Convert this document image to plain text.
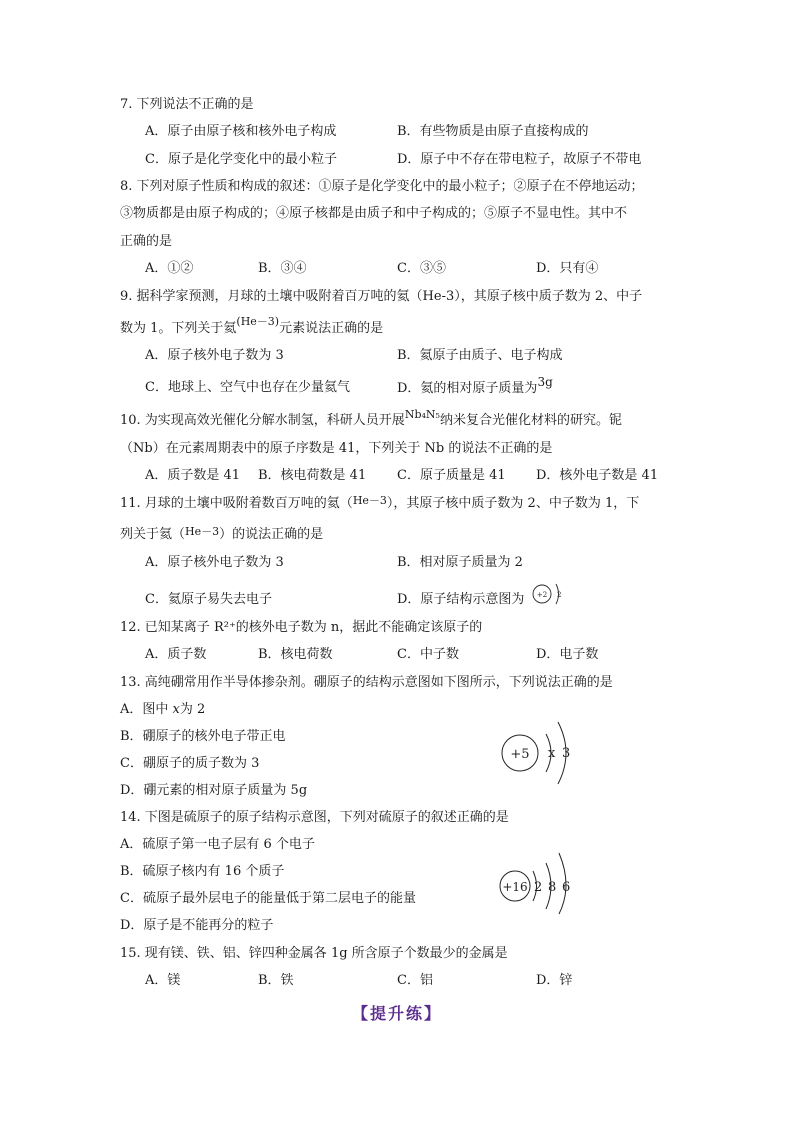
7. 下列说法不正确的是
A．原子由原子核和核外电子构成	B．有些物质是由原子直接构成的
C．原子是化学变化中的最小粒子	D．原子中不存在带电粒子，故原子不带电
8. 下列对原子性质和构成的叙述：①原子是化学变化中的最小粒子；②原子在不停地运动；
③物质都是由原子构成的；④原子核都是由质子和中子构成的；⑤原子不显电性。其中不
正确的是
A．①②	B．③④	C．③⑤	D．只有④
9. 据科学家预测，月球的土壤中吸附着百万吨的氦（He-3），其原子核中质子数为 2、中子
数为 1。下列关于氦$^{(He-3)}$元素说法正确的是
A．原子核外电子数为 3	B．氦原子由质子、电子构成
C．地球上、空气中也存在少量氦气	D．氦的相对原子质量为3g
10. 为实现高效光催化分解水制氢，科研人员开展$^{Nb_4N_5}$纳米复合光催化材料的研究。铌
（Nb）在元素周期表中的原子序数是 41，下列关于 Nb 的说法不正确的是
A．质子数是 41 B．核电荷数是 41 C．原子质量是 41 D．核外电子数是 41
11. 月球的土壤中吸附着数百万吨的氦（$^{He-3}$），其原子核中质子数为 2、中子数为 1，下
列关于氦（$^{He-3}$）的说法正确的是
A．原子核外电子数为 3	B．相对原子质量为 2
C．氦原子易失去电子	D．原子结构示意图为 +2 2
12. 已知某离子 R²⁺的核外电子数为 n，据此不能确定该原子的
A．质子数	B．核电荷数	C．中子数	D．电子数
13. 高纯硼常用作半导体掺杂剂。硼原子的结构示意图如下图所示，下列说法正确的是
A．图中 x为 2
B．硼原子的核外电子带正电
C．硼原子的质子数为 3
D．硼元素的相对原子质量为 5g
+5 x 3
14. 下图是硫原子的原子结构示意图，下列对硫原子的叙述正确的是
A．硫原子第一电子层有 6 个电子
B．硫原子核内有 16 个质子
C．硫原子最外层电子的能量低于第二层电子的能量
D．原子是不能再分的粒子
+16 2 8 6
15. 现有镁、铁、铝、锌四种金属各 1g 所含原子个数最少的金属是
A．镁	B．铁	C．铝	D．锌
【提升练】
